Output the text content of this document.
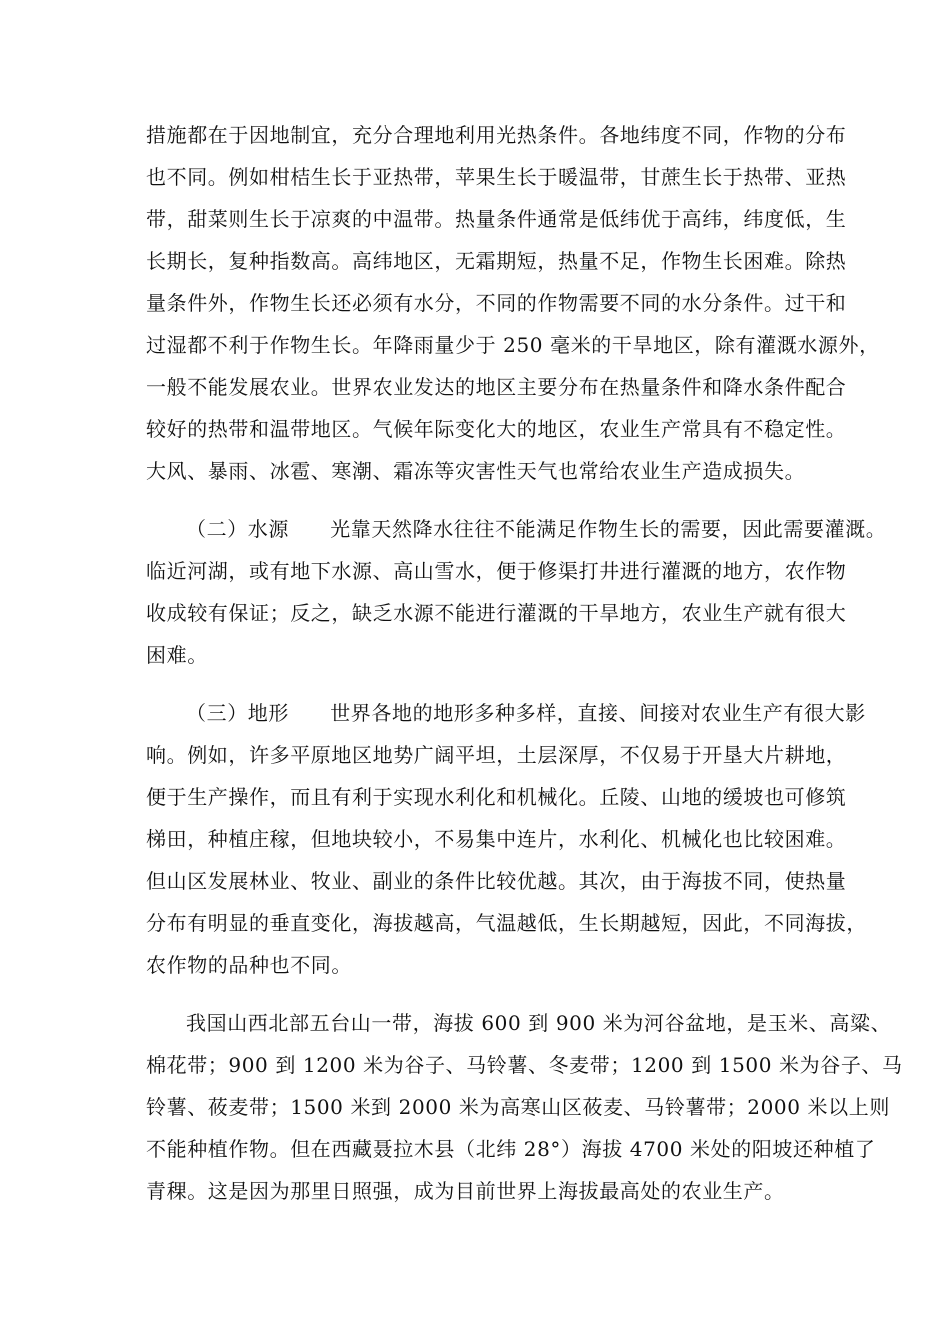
措施都在于因地制宜，充分合理地利用光热条件。各地纬度不同，作物的分布
也不同。例如柑桔生长于亚热带，苹果生长于暖温带，甘蔗生长于热带、亚热
带，甜菜则生长于凉爽的中温带。热量条件通常是低纬优于高纬，纬度低，生
长期长，复种指数高。高纬地区，无霜期短，热量不足，作物生长困难。除热
量条件外，作物生长还必须有水分，不同的作物需要不同的水分条件。过干和
过湿都不利于作物生长。年降雨量少于 250 毫米的干旱地区，除有灌溉水源外，
一般不能发展农业。世界农业发达的地区主要分布在热量条件和降水条件配合
较好的热带和温带地区。气候年际变化大的地区，农业生产常具有不稳定性。
大风、暴雨、冰雹、寒潮、霜冻等灾害性天气也常给农业生产造成损失。
（二）水源　　光靠天然降水往往不能满足作物生长的需要，因此需要灌溉。
临近河湖，或有地下水源、高山雪水，便于修渠打井进行灌溉的地方，农作物
收成较有保证；反之，缺乏水源不能进行灌溉的干旱地方，农业生产就有很大
困难。
（三）地形　　世界各地的地形多种多样，直接、间接对农业生产有很大影
响。例如，许多平原地区地势广阔平坦，土层深厚，不仅易于开垦大片耕地，
便于生产操作，而且有利于实现水利化和机械化。丘陵、山地的缓坡也可修筑
梯田，种植庄稼，但地块较小，不易集中连片，水利化、机械化也比较困难。
但山区发展林业、牧业、副业的条件比较优越。其次，由于海拔不同，使热量
分布有明显的垂直变化，海拔越高，气温越低，生长期越短，因此，不同海拔，
农作物的品种也不同。
我国山西北部五台山一带，海拔 600 到 900 米为河谷盆地，是玉米、高粱、
棉花带；900 到 1200 米为谷子、马铃薯、冬麦带；1200 到 1500 米为谷子、马
铃薯、莜麦带；1500 米到 2000 米为高寒山区莜麦、马铃薯带；2000 米以上则
不能种植作物。但在西藏聂拉木县（北纬 28°）海拔 4700 米处的阳坡还种植了
青稞。这是因为那里日照强，成为目前世界上海拔最高处的农业生产。
